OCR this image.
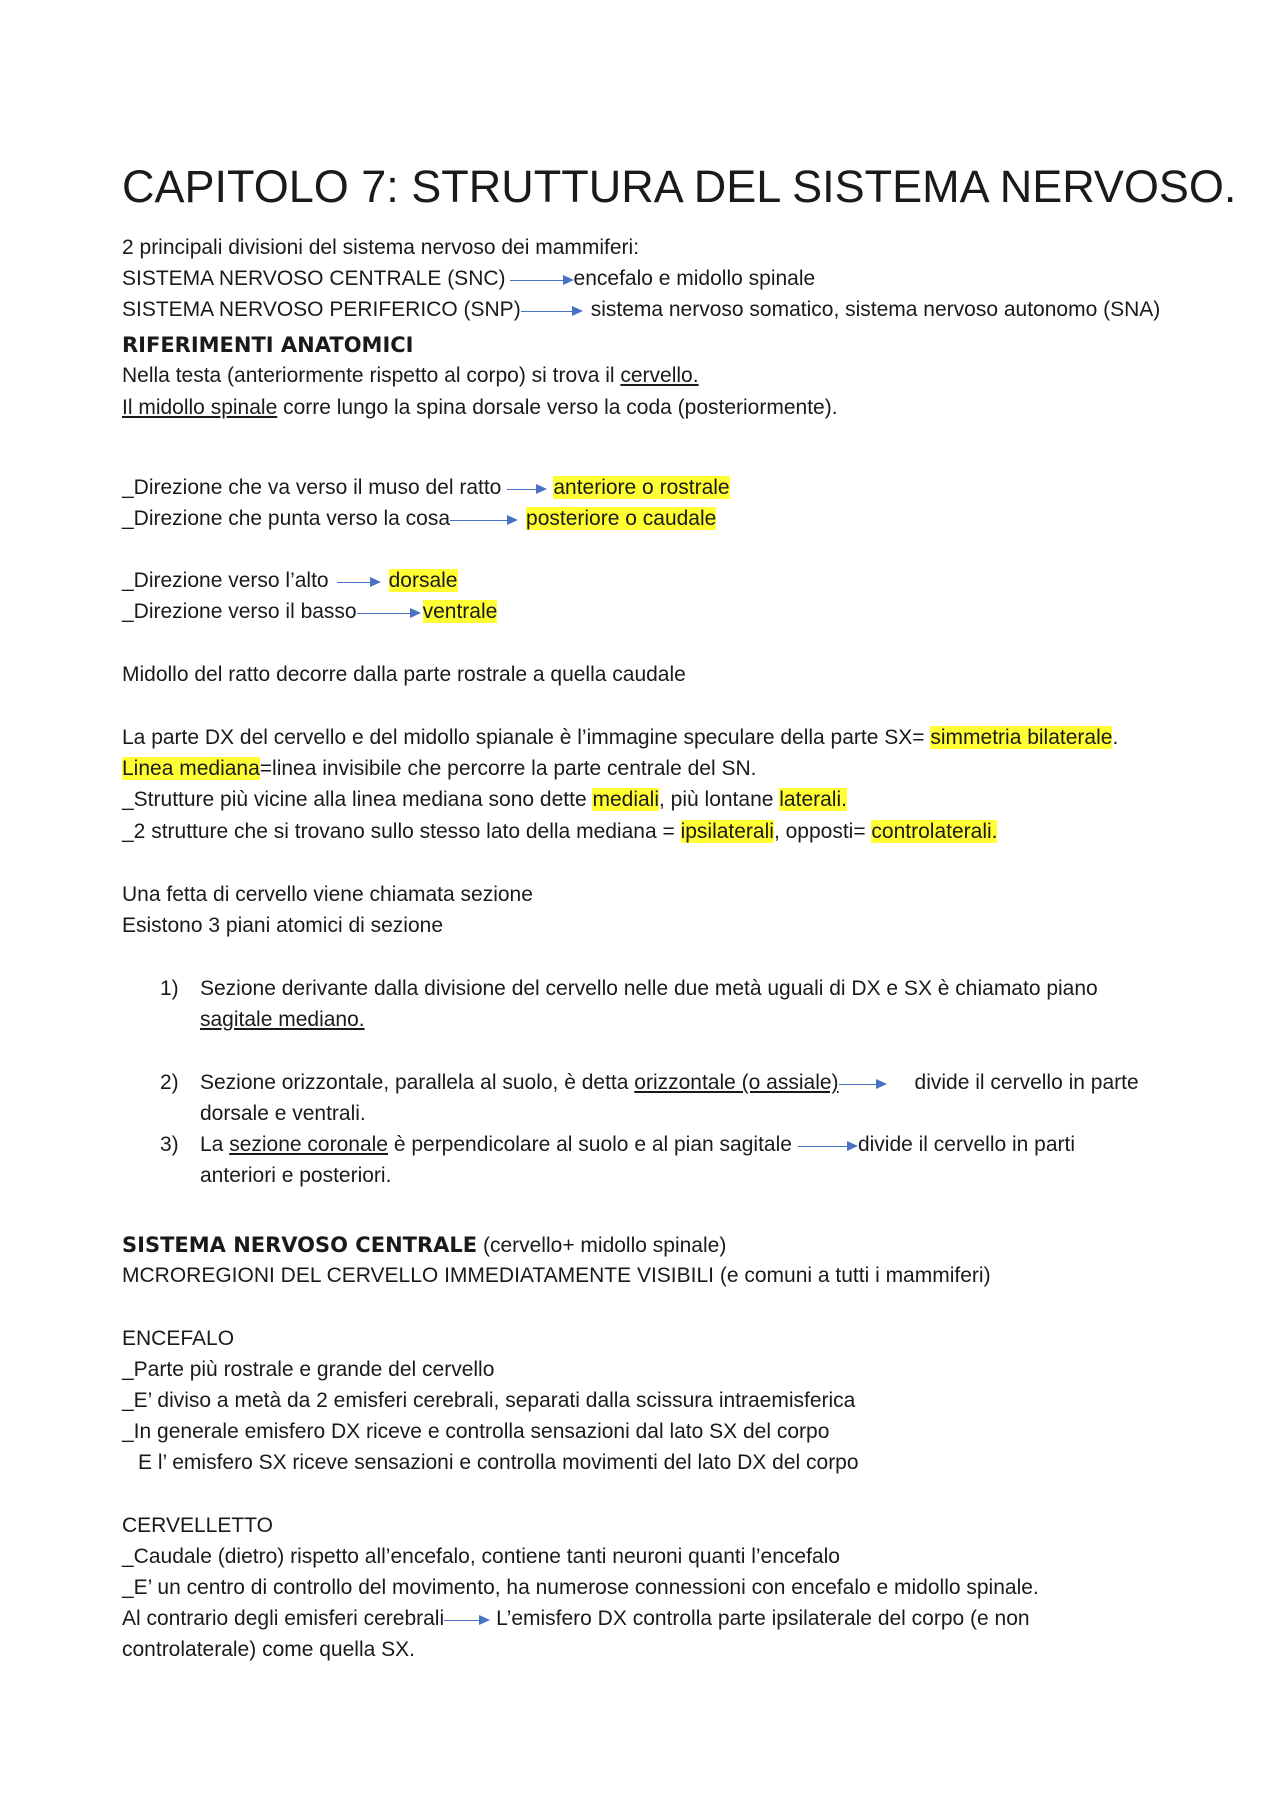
CAPITOLO 7: STRUTTURA DEL SISTEMA NERVOSO.
2 principali divisioni del sistema nervoso dei mammiferi:
SISTEMA NERVOSO CENTRALE (SNC)	encefalo e midollo spinale
SISTEMA NERVOSO PERIFERICO (SNP)	sistema nervoso somatico, sistema nervoso autonomo (SNA)
RIFERIMENTI ANATOMICI
Nella testa (anteriormente rispetto al corpo) si trova il cervello.
Il midollo spinale corre lungo la spina dorsale verso la coda (posteriormente).
_Direzione che va verso il muso del ratto anteriore o rostrale
_Direzione che punta verso la cosa	posteriore o caudale
_Direzione verso l’alto	dorsale
_Direzione verso il basso	ventrale
Midollo del ratto decorre dalla parte rostrale a quella caudale
La parte DX del cervello e del midollo spianale è l’immagine speculare della parte SX= simmetria bilaterale.
Linea mediana=linea invisibile che percorre la parte centrale del SN.
_Strutture più vicine alla linea mediana sono dette mediali, più lontane laterali.
_2 strutture che si trovano sullo stesso lato della mediana = ipsilaterali, opposti= controlaterali.
Una fetta di cervello viene chiamata sezione
Esistono 3 piani atomici di sezione
1) Sezione derivante dalla divisione del cervello nelle due metà uguali di DX e SX è chiamato piano
sagitale mediano.
2) Sezione orizzontale, parallela al suolo, è detta orizzontale (o assiale)	divide il cervello in parte
dorsale e ventrali.
3) La sezione coronale è perpendicolare al suolo e al pian sagitale	divide il cervello in parti
anteriori e posteriori.
SISTEMA NERVOSO CENTRALE (cervello+ midollo spinale)
MCROREGIONI DEL CERVELLO IMMEDIATAMENTE VISIBILI (e comuni a tutti i mammiferi)
ENCEFALO
_Parte più rostrale e grande del cervello
_E’ diviso a metà da 2 emisferi cerebrali, separati dalla scissura intraemisferica
_In generale emisfero DX riceve e controlla sensazioni dal lato SX del corpo
E l’ emisfero SX riceve sensazioni e controlla movimenti del lato DX del corpo
CERVELLETTO
_Caudale (dietro) rispetto all’encefalo, contiene tanti neuroni quanti l’encefalo
_E’ un centro di controllo del movimento, ha numerose connessioni con encefalo e midollo spinale.
Al contrario degli emisferi cerebrali L’emisfero DX controlla parte ipsilaterale del corpo (e non
controlaterale) come quella SX.
